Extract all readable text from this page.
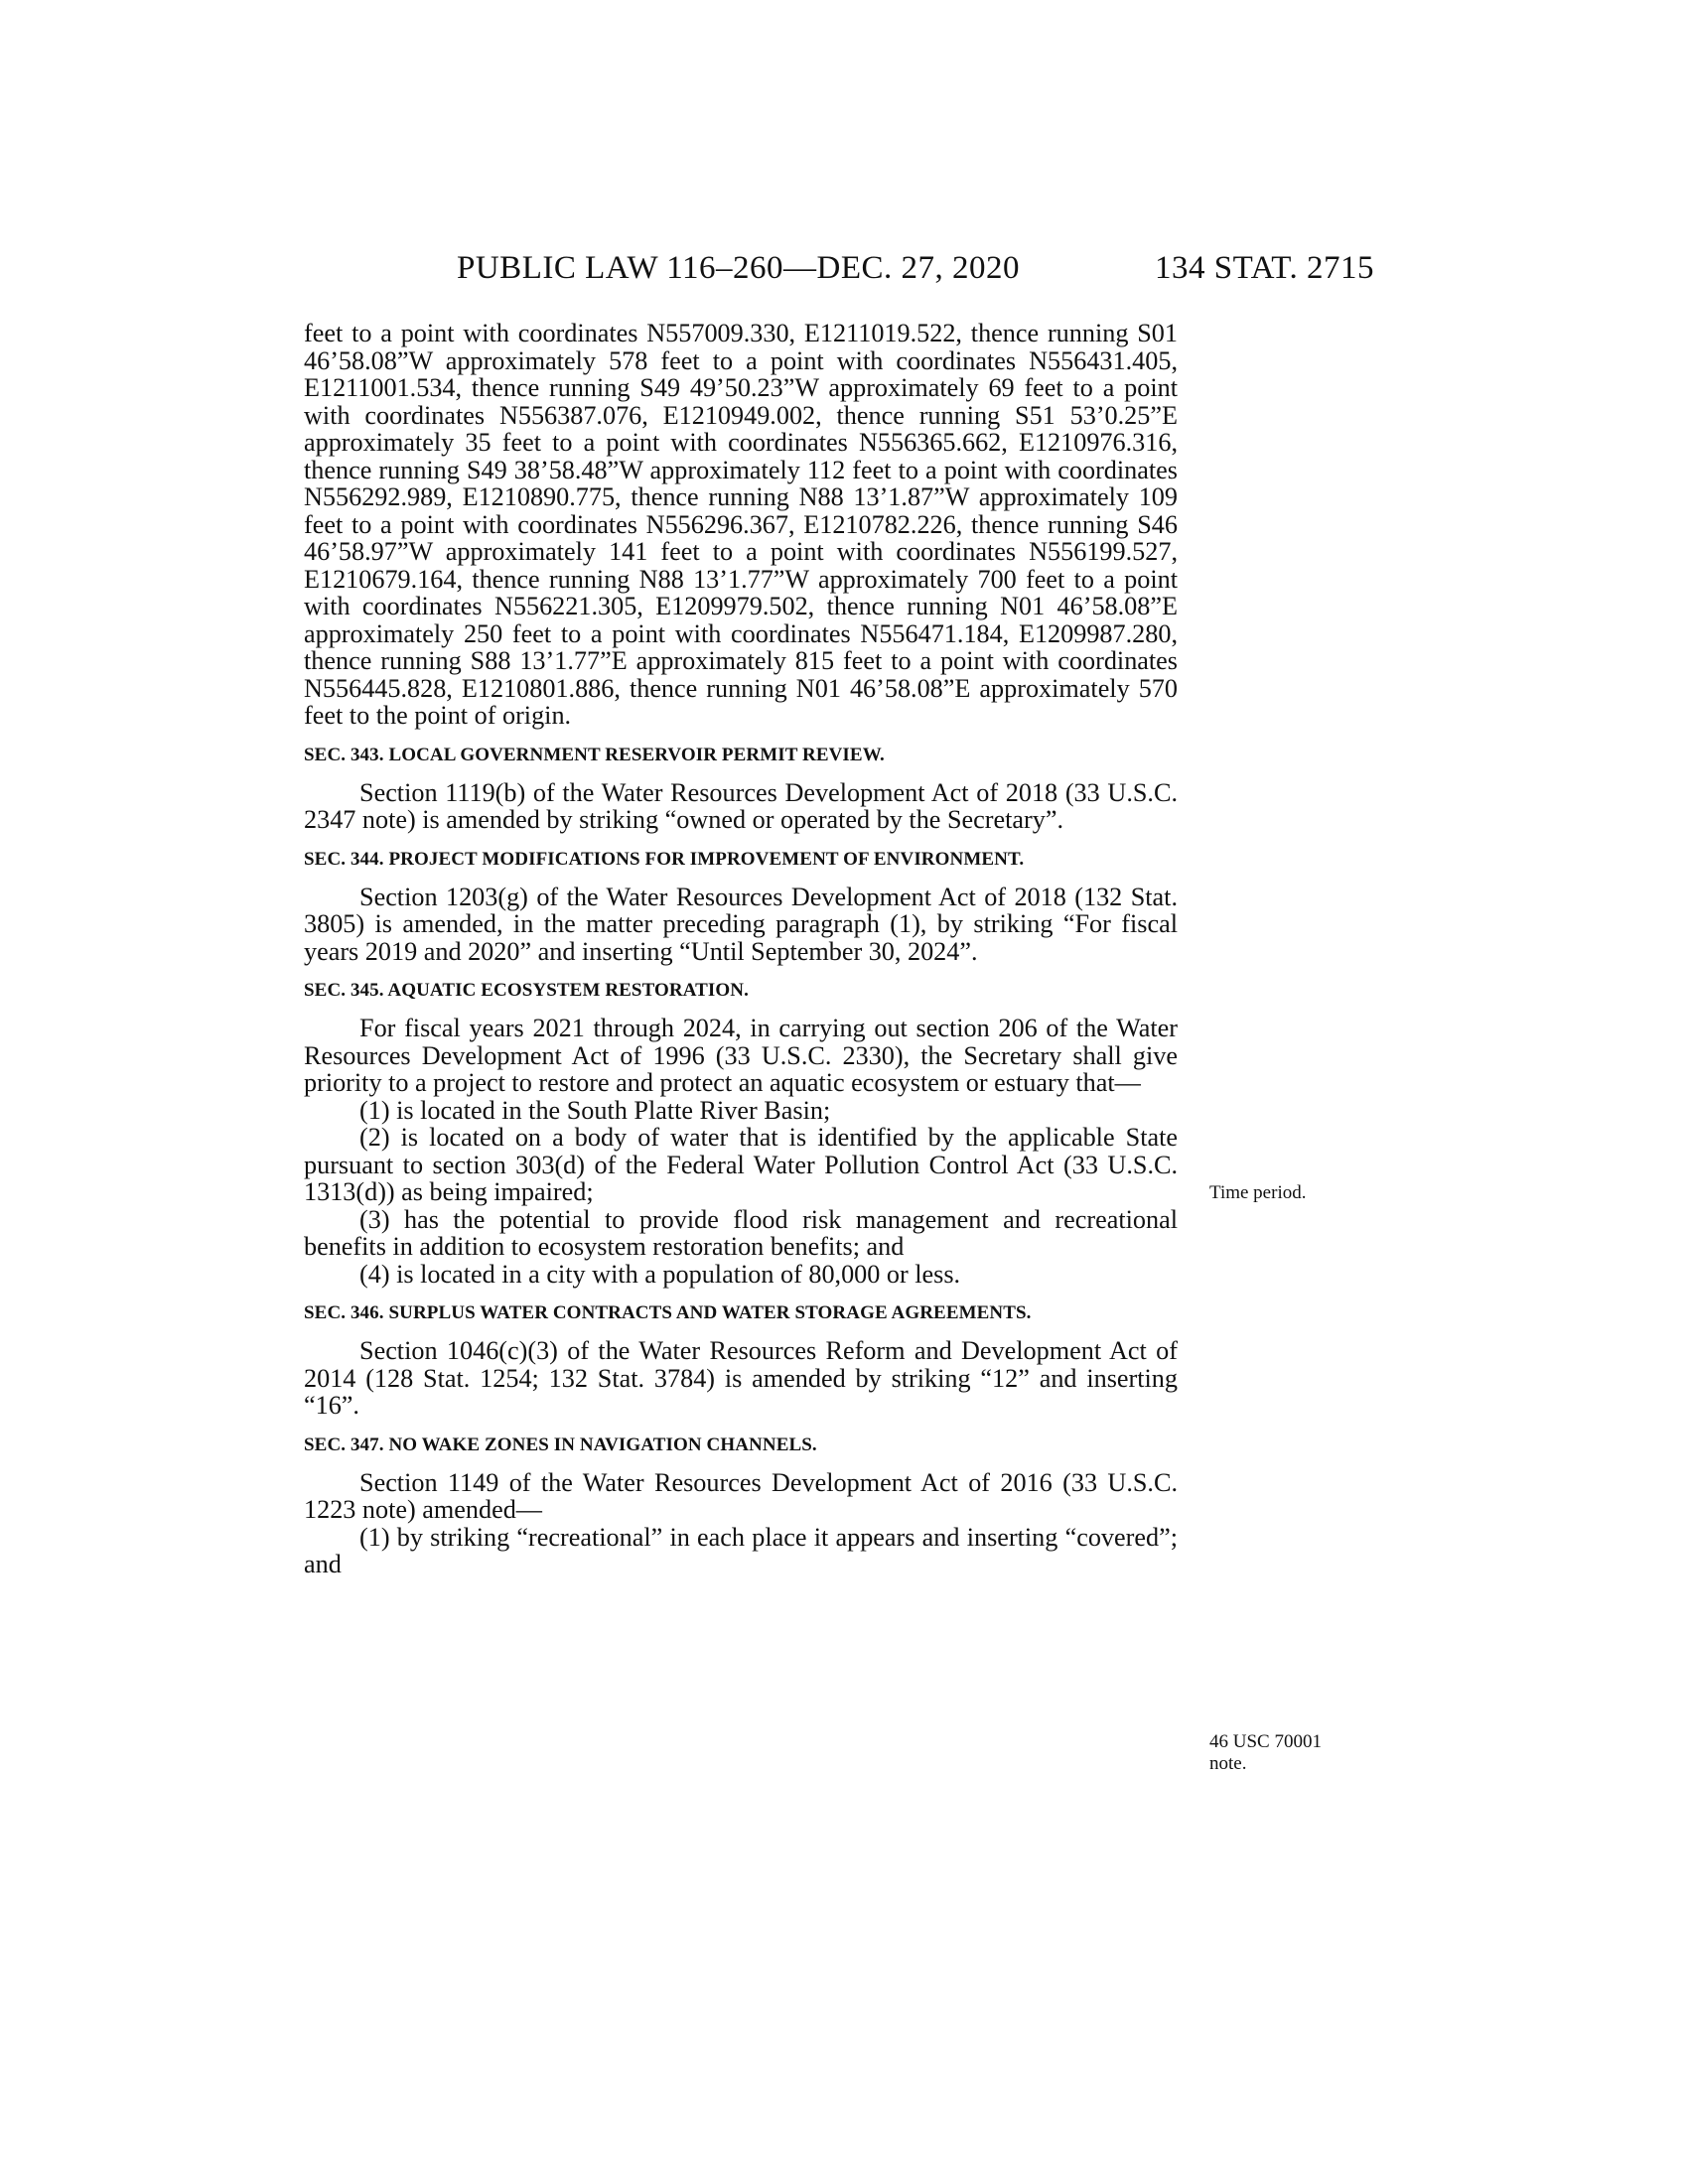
PUBLIC LAW 116–260—DEC. 27, 2020	134 STAT. 2715

feet to a point with coordinates N557009.330, E1211019.522, thence running S01 46’58.08”W approximately 578 feet to a point with coordinates N556431.405, E1211001.534, thence running S49 49’50.23”W approximately 69 feet to a point with coordinates N556387.076, E1210949.002, thence running S51 53’0.25”E approximately 35 feet to a point with coordinates N556365.662, E1210976.316, thence running S49 38’58.48”W approximately 112 feet to a point with coordinates N556292.989, E1210890.775, thence running N88 13’1.87”W approximately 109 feet to a point with coordinates N556296.367, E1210782.226, thence running S46 46’58.97”W approximately 141 feet to a point with coordinates N556199.527, E1210679.164, thence running N88 13’1.77”W approximately 700 feet to a point with coordinates N556221.305, E1209979.502, thence running N01 46’58.08”E approximately 250 feet to a point with coordinates N556471.184, E1209987.280, thence running S88 13’1.77”E approximately 815 feet to a point with coordinates N556445.828, E1210801.886, thence running N01 46’58.08”E approximately 570 feet to the point of origin.

SEC. 343. LOCAL GOVERNMENT RESERVOIR PERMIT REVIEW.

Section 1119(b) of the Water Resources Development Act of 2018 (33 U.S.C. 2347 note) is amended by striking “owned or operated by the Secretary”.

SEC. 344. PROJECT MODIFICATIONS FOR IMPROVEMENT OF ENVIRONMENT.

Section 1203(g) of the Water Resources Development Act of 2018 (132 Stat. 3805) is amended, in the matter preceding paragraph (1), by striking “For fiscal years 2019 and 2020” and inserting “Until September 30, 2024”.

SEC. 345. AQUATIC ECOSYSTEM RESTORATION.

For fiscal years 2021 through 2024, in carrying out section 206 of the Water Resources Development Act of 1996 (33 U.S.C. 2330), the Secretary shall give priority to a project to restore and protect an aquatic ecosystem or estuary that—

(1) is located in the South Platte River Basin;

(2) is located on a body of water that is identified by the applicable State pursuant to section 303(d) of the Federal Water Pollution Control Act (33 U.S.C. 1313(d)) as being impaired;

(3) has the potential to provide flood risk management and recreational benefits in addition to ecosystem restoration benefits; and

(4) is located in a city with a population of 80,000 or less.

SEC. 346. SURPLUS WATER CONTRACTS AND WATER STORAGE AGREEMENTS.

Section 1046(c)(3) of the Water Resources Reform and Development Act of 2014 (128 Stat. 1254; 132 Stat. 3784) is amended by striking “12” and inserting “16”.

SEC. 347. NO WAKE ZONES IN NAVIGATION CHANNELS.

Section 1149 of the Water Resources Development Act of 2016 (33 U.S.C. 1223 note) amended—

(1) by striking “recreational” in each place it appears and inserting “covered”; and

Time period.
46 USC 70001 note.
